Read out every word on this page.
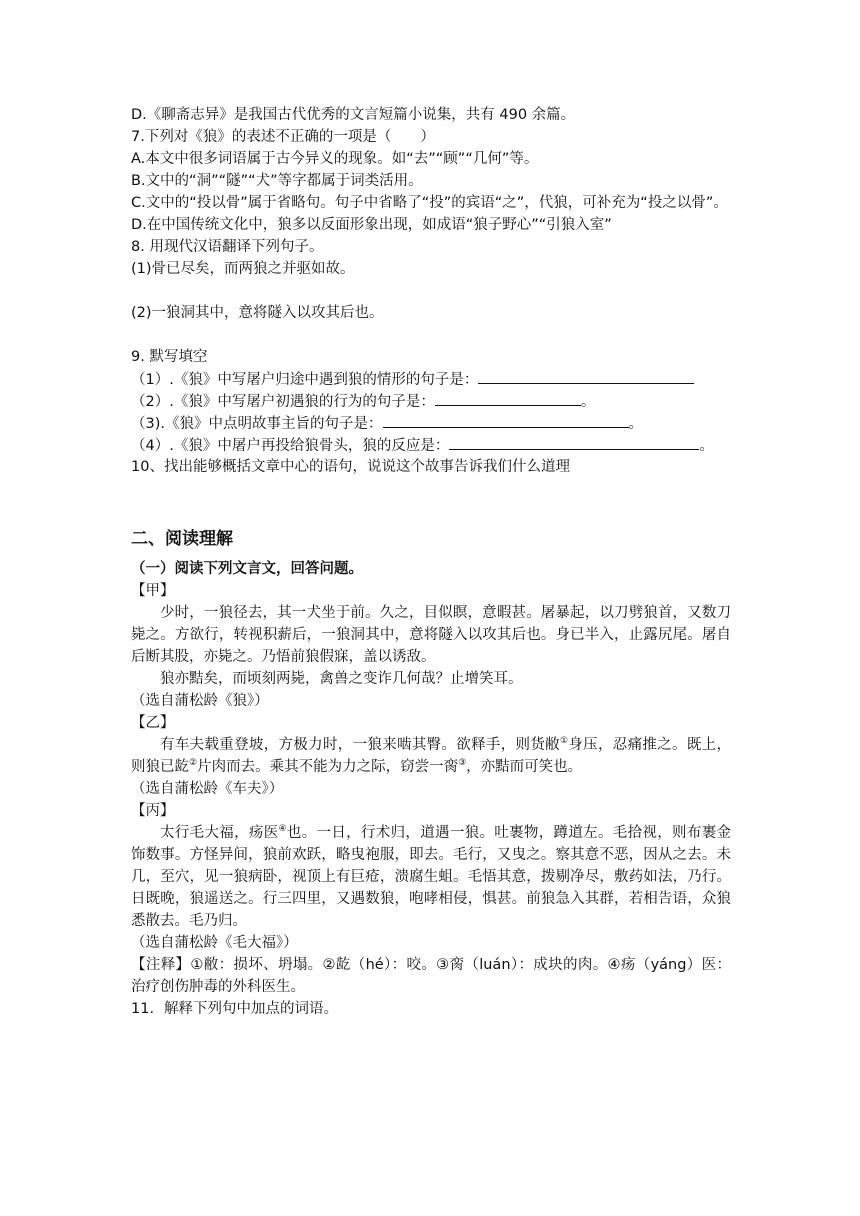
D.《聊斋志异》是我国古代优秀的文言短篇小说集，共有 490 余篇。
7.下列对《狼》的表述不正确的一项是（　　）
A.本文中很多词语属于古今异义的现象。如“去”“顾”“几何”等。
B.文中的“洞”“隧”“犬”等字都属于词类活用。
C.文中的“投以骨”属于省略句。句子中省略了“投”的宾语“之”，代狼，可补充为“投之以骨”。
D.在中国传统文化中，狼多以反面形象出现，如成语“狼子野心”“引狼入室”
8. 用现代汉语翻译下列句子。
(1)骨已尽矣，而两狼之并驱如故。
(2)一狼洞其中，意将隧入以攻其后也。
9. 默写填空
（1）.《狼》中写屠户归途中遇到狼的情形的句子是：
（2）.《狼》中写屠户初遇狼的行为的句子是：	。
（3).《狼》中点明故事主旨的句子是：	。
（4）.《狼》中屠户再投给狼骨头，狼的反应是：	。
10、找出能够概括文章中心的语句，说说这个故事告诉我们什么道理
二、阅读理解
（一）阅读下列文言文，回答问题。
【甲】
少时，一狼径去，其一犬坐于前。久之，目似瞑，意暇甚。屠暴起，以刀劈狼首，又数刀毙之。方欲行，转视积薪后，一狼洞其中，意将隧入以攻其后也。身已半入，止露尻尾。屠自后断其股，亦毙之。乃悟前狼假寐，盖以诱敌。
狼亦黠矣，而顷刻两毙，禽兽之变诈几何哉？止增笑耳。
（选自蒲松龄《狼》）
【乙】
有车夫载重登坡，方极力时，一狼来啮其臀。欲释手，则货敝①身压，忍痛推之。既上，则狼已龁②片肉而去。乘其不能为力之际，窃尝一脔③，亦黠而可笑也。
（选自蒲松龄《车夫》）
【丙】
太行毛大福，疡医④也。一日，行术归，道遇一狼。吐裹物，蹲道左。毛拾视，则布裹金饰数事。方怪异间，狼前欢跃，略曳袍服，即去。毛行，又曳之。察其意不恶，因从之去。未几，至穴，见一狼病卧，视顶上有巨疮，溃腐生蛆。毛悟其意，拨剔净尽，敷药如法，乃行。日既晚，狼遥送之。行三四里，又遇数狼，咆哮相侵，惧甚。前狼急入其群，若相告语，众狼悉散去。毛乃归。
（选自蒲松龄《毛大福》）
【注释】①敝：损坏、坍塌。②龁（hé）：咬。③脔（luán）：成块的肉。④疡（yáng）医：治疗创伤肿毒的外科医生。
11．解释下列句中加点的词语。
